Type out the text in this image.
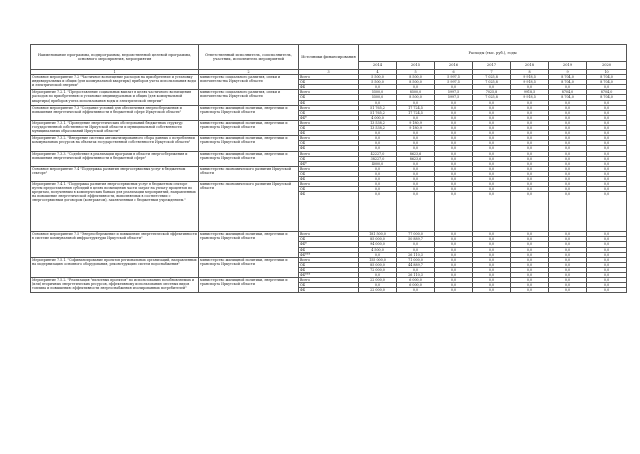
Наименование программы, подпрограммы, ведомственной целевой программы, основного мероприятия, мероприятия	Ответственный исполнитель, соисполнитель, участник, исполнитель мероприятий	Источники финансирования	Расходы (тыс. руб.), годы						
			2014	2015	2016	2017	2018	2019	2020
1	2	3	4	5	6	7	8	9	10
Основное мероприятие 7.2 "Частичное возмещение расходов на приобретение и установку индивидуальных и общих (для коммунальной квартиры) приборов учета использования воды и электрической энергии"	министерство социального развития, опеки и попечительства Иркутской области	Всего	5 500,0	8 500,0	5 997,5	7 025,8	9 918,5	8 704,0	8 704,0
		ОБ	5 500,0	8 500,0	5 997,5	7 025,8	9 918,5	8 704,0	8 704,0
		ФБ	0,0	0,0	0,0	0,0	0,0	0,0	0,0
Мероприятие 7.2.1. "Предоставление социальных выплат в целях частичного возмещения расходов по приобретению и установке индивидуальных и общих (для коммунальной квартиры) приборов учета использования воды и электрической энергии"	министерство социального развития, опеки и попечительства Иркутской области	Всего	5500,0	8500,0	5997,5	7025,8	9918,5	8704,0	8704,0
		ОБ	5500,0	8 500,0	5997,5	7 025,8	9 918,5	8 704,0	8 704,0
		ФБ	0,0	0,0	0,0	0,0	0,0	0,0	0,0
Основное мероприятие 7.3 "Создание условий для обеспечения энергосбережения и повышения энергетической эффективности в бюджетной сфере Иркутской области"	министерство жилищной политики, энергетики и транспорта Иркутской области	Всего	51 765,2	17 724,5	0,0	0,0	0,0	0,0	0,0
		ОБ	51 765,2	17 724,5	0,0	0,0	0,0	0,0	0,0
		ФБ*	4 000,0	0,0	0,0	0,0	0,0	0,0	0,0
Мероприятие 7.3.1. "Проведение энергетических обследований бюджетных структур государственной собственности Иркутской области и муниципальной собственности муниципальных образований Иркутской области"	министерство жилищной политики, энергетики и транспорта Иркутской области	Всего	13 538,2	9 180,9	0,0	0,0	0,0	0,0	0,0
		ОБ	13 538,2	9 180,9	0,0	0,0	0,0	0,0	0,0
		ФБ	0,0	0,0	0,0	0,0	0,0	0,0	0,0
Мероприятие 7.3.2. "Внедрение системы автоматизированного сбора данных о потреблении коммунальных ресурсов на объектах государственной собственности Иркутской области"	министерство жилищной политики, энергетики и транспорта Иркутской области	Всего	0,0	0,0	0,0	0,0	0,0	0,0	0,0
		ОБ	0,0	0,0	0,0	0,0	0,0	0,0	0,0
		ФБ	0,0	0,0	0,0	0,0	0,0	0,0	0,0
Мероприятие 7.3.3. "Содействие в реализации программ в области энергосбережения и повышения энергетической эффективности в бюджетной сфере"	министерство жилищной политики, энергетики и транспорта Иркутской области	Всего	42227,0	8623,6	0,0	0,0	0,0	0,0	0,0
		ОБ	38227,0	8623,6	0,0	0,0	0,0	0,0	0,0
		ФБ*	4000,0	0,0	0,0	0,0	0,0	0,0	0,0
Основное мероприятие 7.4 "Поддержка развития энергосервисных услуг в бюджетном секторе"	министерство экономического развития Иркутской области	Всего	0,0	0,0	0,0	0,0	0,0	0,0	0,0
		ОБ	0,0	0,0	0,0	0,0	0,0	0,0	0,0
		ФБ	0,0	0,0	0,0	0,0	0,0	0,0	0,0
Мероприятие 7.4.1. "Поддержка развития энергосервисных услуг в бюджетном секторе путем предоставления субсидий в целях возмещения части затрат на уплату процентов по кредитам, полученным в коммерческих банках для реализации мероприятий, направленных на повышение энергетической эффективности, выполняемых в соответствии с энергосервисным договором (контрактом), заключенным с бюджетным учреждением."	министерство экономического развития Иркутской области	Всего	0,0	0,0	0,0	0,0	0,0	0,0	0,0
		ОБ	0,0	0,0	0,0	0,0	0,0	0,0	0,0
		ФБ	0,0	0,0	0,0	0,0	0,0	0,0	0,0
Основное мероприятие 7.5 "Энергосбережение и повышение энергетической эффективности в системе коммунальной инфраструктуры Иркутской области"	министерство жилищной политики, энергетики и транспорта Иркутской области	Всего	181 500,0	77 000,0	0,0	0,0	0,0	0,0	0,0
		ОБ	85 000,0	50 889,7	0,0	0,0	0,0	0,0	0,0
		ФБ*	94 000,0	0,0	0,0	0,0	0,0	0,0	0,0
		ФБ	4 500,0	0,0	0,0	0,0	0,0	0,0	0,0
		ФБ***	0,0	26 110,3	0,0	0,0	0,0	0,0	0,0
Мероприятие 7.5.1. "Софинансирование проектов региональных организаций, направленных на модернизацию основного оборудования, реконструкцию систем водоснабжения"	министерство жилищной политики, энергетики и транспорта Иркутской области	Всего	155 000,0	71 000,0	0,0	0,0	0,0	0,0	0,0
		ОБ	85 000,0	44 889,7	0,0	0,0	0,0	0,0	0,0
		ФБ	72 000,0	0,0	0,0	0,0	0,0	0,0	0,0
		ФБ***	0,0	26 110,3	0,0	0,0	0,0	0,0	0,0
Мероприятие 7.5.2. "Реализация "пилотных проектов" по использованию возобновляемых и (или) вторичных энергетических ресурсов, эффективному использованию местных видов топлива и повышению эффективности энергоснабжения изолированных потребителей"	министерство жилищной политики, энергетики и транспорта Иркутской области	Всего	22 000,0	6 000,0	0,0	0,0	0,0	0,0	0,0
		ОБ	0,0	6 000,0	0,0	0,0	0,0	0,0	0,0
		ФБ	22 000,0	0,0	0,0	0,0	0,0	0,0	0,0
